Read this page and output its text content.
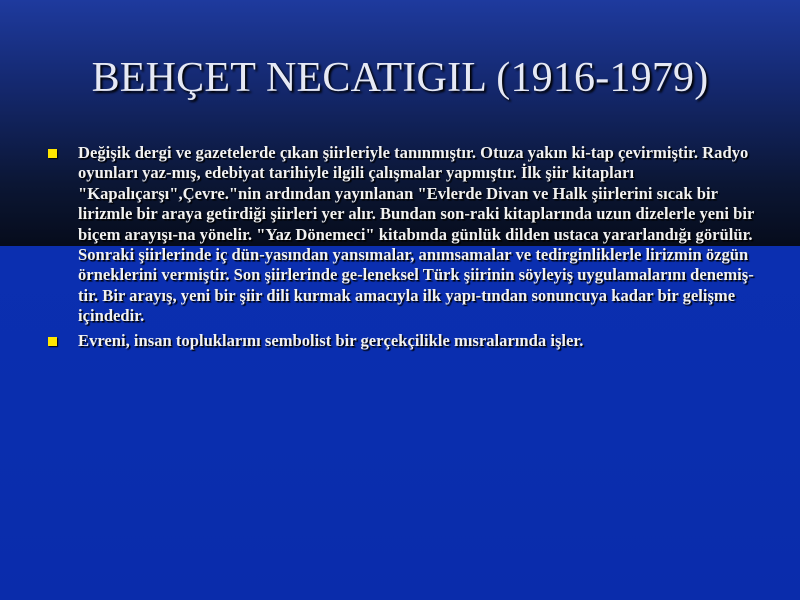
BEHÇET NECATIGIL (1916-1979)
Değişik dergi ve gazetelerde çıkan şiirleriyle tanınmıştır. Otuza yakın ki-tap çevirmiştir. Radyo oyunları yaz-mış, edebiyat tarihiyle ilgili çalışmalar yapmıştır. İlk şiir kitapları "Kapalıçarşı",Çevre."nin ardından yayınlanan "Evlerde Divan ve Halk şiirlerini sıcak bir lirizmle bir araya getirdiği şiirleri yer alır. Bundan son-raki kitaplarında uzun dizelerle yeni bir biçem arayışı-na yönelir. "Yaz Dönemeci" kitabında günlük dilden ustaca yararlandığı görülür. Sonraki şiirlerinde iç dün-yasından yansımalar, anımsamalar ve tedirginliklerle lirizmin özgün örneklerini vermiştir. Son şiirlerinde ge-leneksel Türk şiirinin söyleyiş uygulamalarını denemiş-tir. Bir arayış, yeni bir şiir dili kurmak amacıyla ilk yapı-tından sonuncuya kadar bir gelişme içindedir.
Evreni, insan topluklarını sembolist bir gerçekçilikle mısralarında işler.
